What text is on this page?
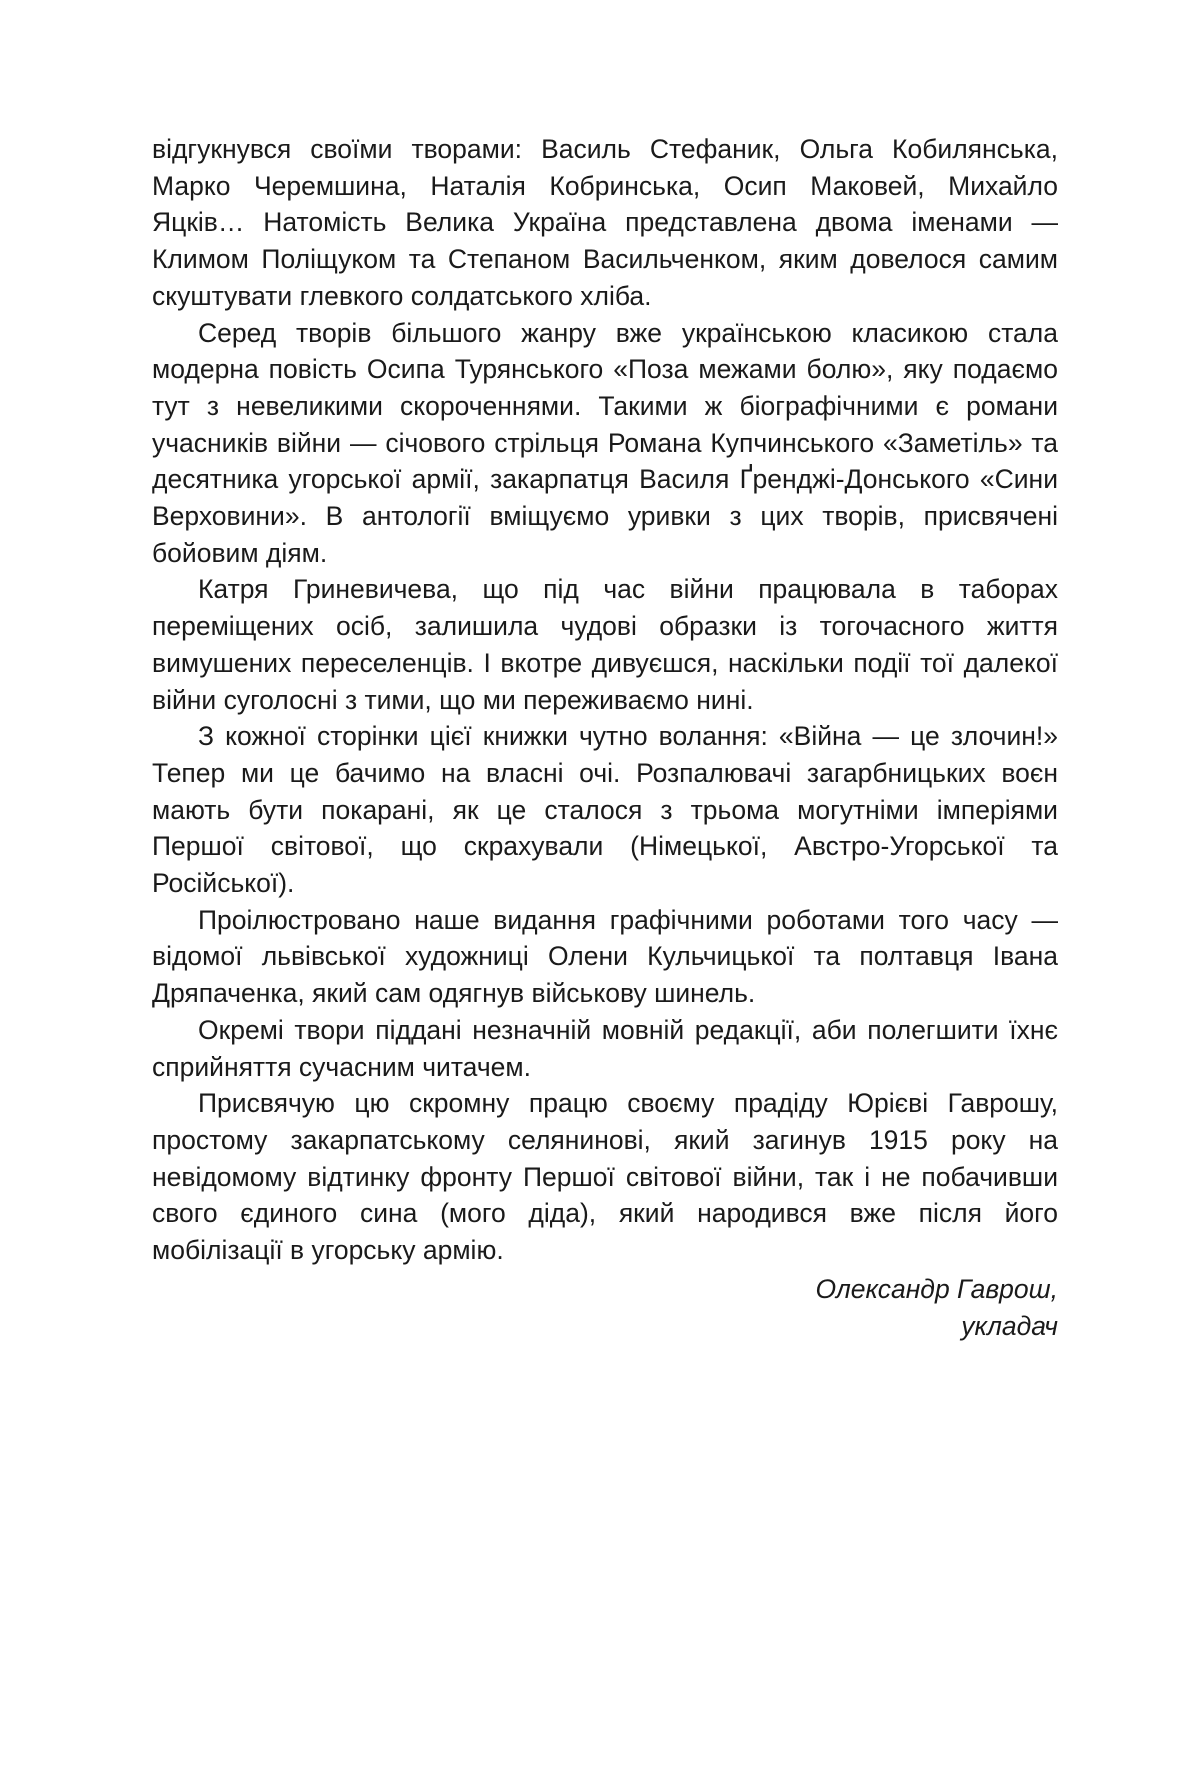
відгукнувся своїми творами: Василь Стефаник, Ольга Кобилянська, Марко Черемшина, Наталія Кобринська, Осип Маковей, Михайло Яцків… Натомість Велика Україна представлена двома іменами — Климом Поліщуком та Степаном Васильченком, яким довелося самим скуштувати глевкого солдатського хліба.

Серед творів більшого жанру вже українською класикою стала модерна повість Осипа Турянського «Поза межами болю», яку подаємо тут з невеликими скороченнями. Такими ж біографічними є романи учасників війни — січового стрільця Романа Купчинського «Заметіль» та десятника угорської армії, закарпатця Василя Ґренджі-Донського «Сини Верховини». В антології вміщуємо уривки з цих творів, присвячені бойовим діям.

Катря Гриневичева, що під час війни працювала в таборах переміщених осіб, залишила чудові образки із тогочасного життя вимушених переселенців. І вкотре дивуєшся, наскільки події тої далекої війни суголосні з тими, що ми переживаємо нині.

З кожної сторінки цієї книжки чутно волання: «Війна — це злочин!» Тепер ми це бачимо на власні очі. Розпалювачі загарбницьких воєн мають бути покарані, як це сталося з трьома могутніми імперіями Першої світової, що скрахували (Німецької, Австро-Угорської та Російської).

Проілюстровано наше видання графічними роботами того часу — відомої львівської художниці Олени Кульчицької та полтавця Івана Дряпаченка, який сам одягнув військову шинель.

Окремі твори піддані незначній мовній редакції, аби полегшити їхнє сприйняття сучасним читачем.

Присвячую цю скромну працю своєму прадіду Юрієві Гаврошу, простому закарпатському селянинові, який загинув 1915 року на невідомому відтинку фронту Першої світової війни, так і не побачивши свого єдиного сина (мого діда), який народився вже після його мобілізації в угорську армію.

Олександр Гаврош,
укладач
